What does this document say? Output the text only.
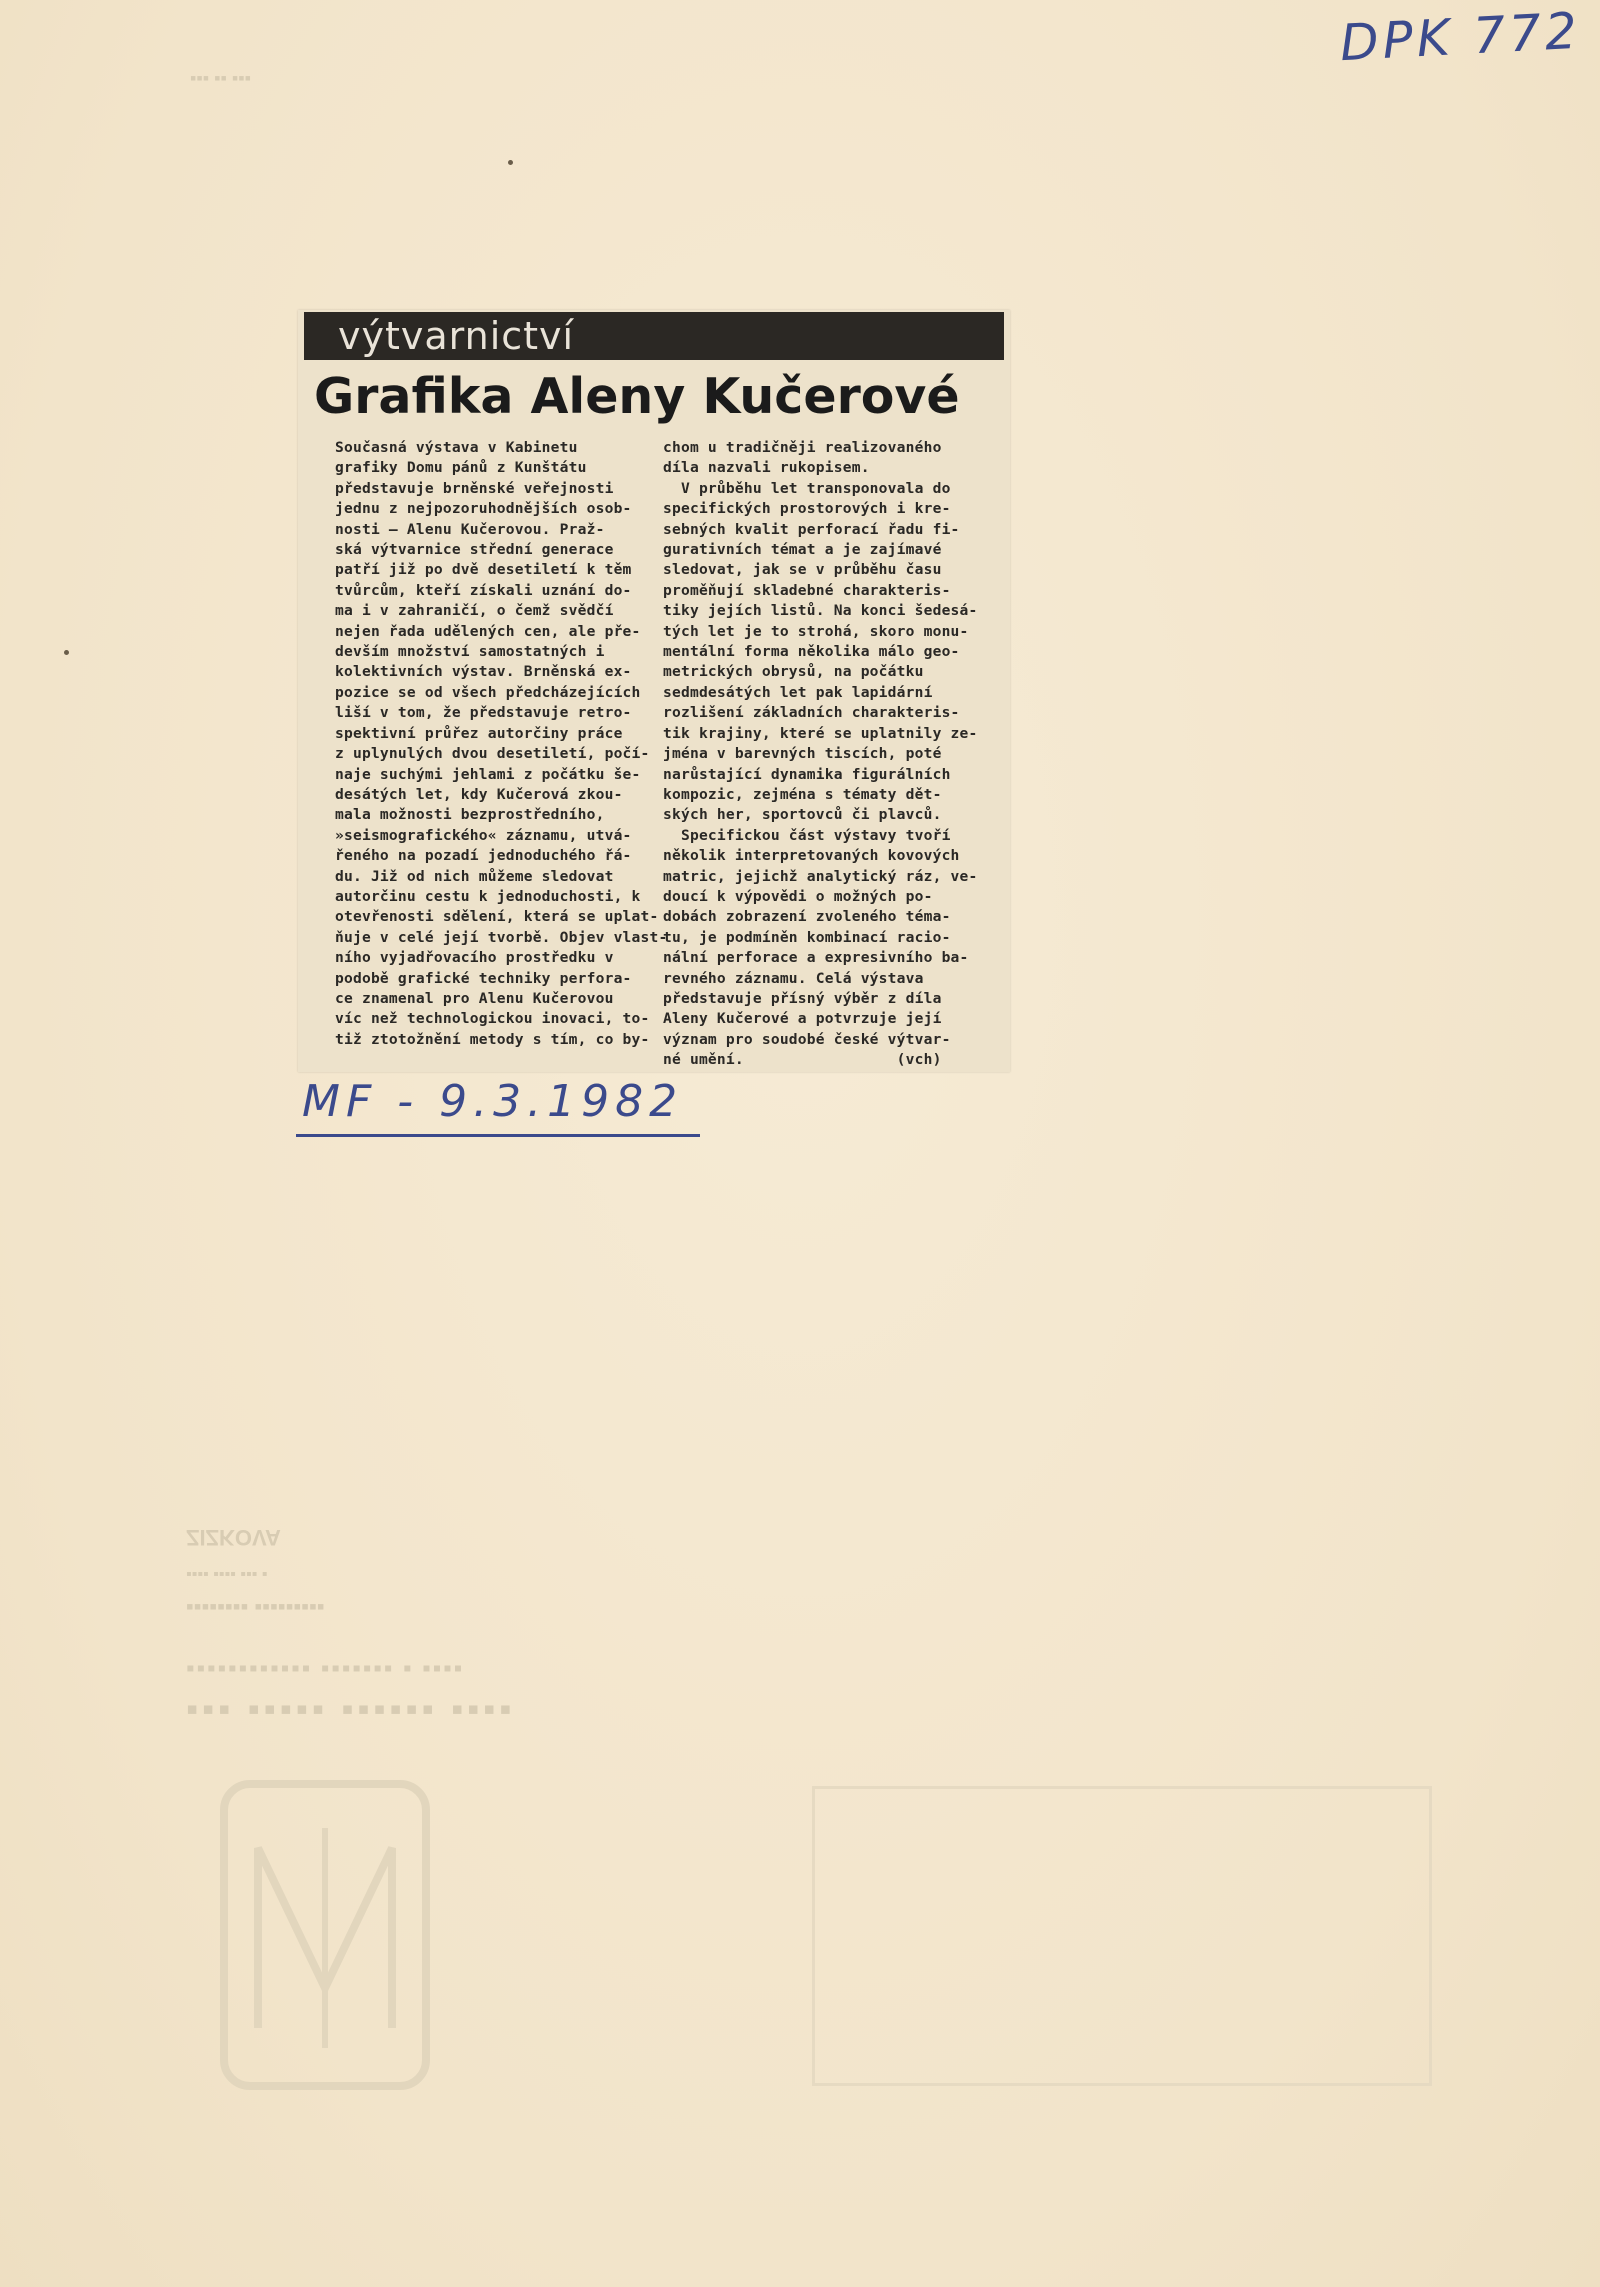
▪▪▪ ▪▪ ▪▪▪
ZIZKOVA
▪▪▪▪ ▪▪▪▪ ▪▪▪ ▪
▪▪▪▪▪▪▪▪ ▪▪▪▪▪▪▪▪▪
▪▪▪▪▪▪▪▪▪▪▪▪ ▪▪▪▪▪▪▪ ▪ ▪▪▪▪
▪▪▪ ▪▪▪▪▪ ▪▪▪▪▪▪ ▪▪▪▪
DPK 772
výtvarnictví
Grafika Aleny Kučerové
Současná výstava v Kabinetu
grafiky Domu pánů z Kunštátu
představuje brněnské veřejnosti
jednu z nejpozoruhodnějších osob-
nosti — Alenu Kučerovou. Praž-
ská výtvarnice střední generace
patří již po dvě desetiletí k těm
tvůrcům, kteří získali uznání do-
ma i v zahraničí, o čemž svědčí
nejen řada udělených cen, ale pře-
devším množství samostatných i
kolektivních výstav. Brněnská ex-
pozice se od všech předcházejících
liší v tom, že představuje retro-
spektivní průřez autorčiny práce
z uplynulých dvou desetiletí, počí-
naje suchými jehlami z počátku še-
desátých let, kdy Kučerová zkou-
mala možnosti bezprostředního,
»seismografického« záznamu, utvá-
řeného na pozadí jednoduchého řá-
du. Již od nich můžeme sledovat
autorčinu cestu k jednoduchosti, k
otevřenosti sdělení, která se uplat-
ňuje v celé její tvorbě. Objev vlast-
ního vyjadřovacího prostředku v
podobě grafické techniky perfora-
ce znamenal pro Alenu Kučerovou
víc než technologickou inovaci, to-
tiž ztotožnění metody s tím, co by-
chom u tradičněji realizovaného
díla nazvali rukopisem.
V průběhu let transponovala do
specifických prostorových i kre-
sebných kvalit perforací řadu fi-
gurativních témat a je zajímavé
sledovat, jak se v průběhu času
proměňují skladebné charakteris-
tiky jejích listů. Na konci šedesá-
tých let je to strohá, skoro monu-
mentální forma několika málo geo-
metrických obrysů, na počátku
sedmdesátých let pak lapidární
rozlišení základních charakteris-
tik krajiny, které se uplatnily ze-
jména v barevných tiscích, poté
narůstající dynamika figurálních
kompozic, zejména s tématy dět-
ských her, sportovců či plavců.
Specifickou část výstavy tvoří
několik interpretovaných kovových
matric, jejichž analytický ráz, ve-
doucí k výpovědi o možných po-
dobách zobrazení zvoleného téma-
tu, je podmíněn kombinací racio-
nální perforace a expresivního ba-
revného záznamu. Celá výstava
představuje přísný výběr z díla
Aleny Kučerové a potvrzuje její
význam pro soudobé české výtvar-
né umění.                 (vch)
MF - 9.3.1982
